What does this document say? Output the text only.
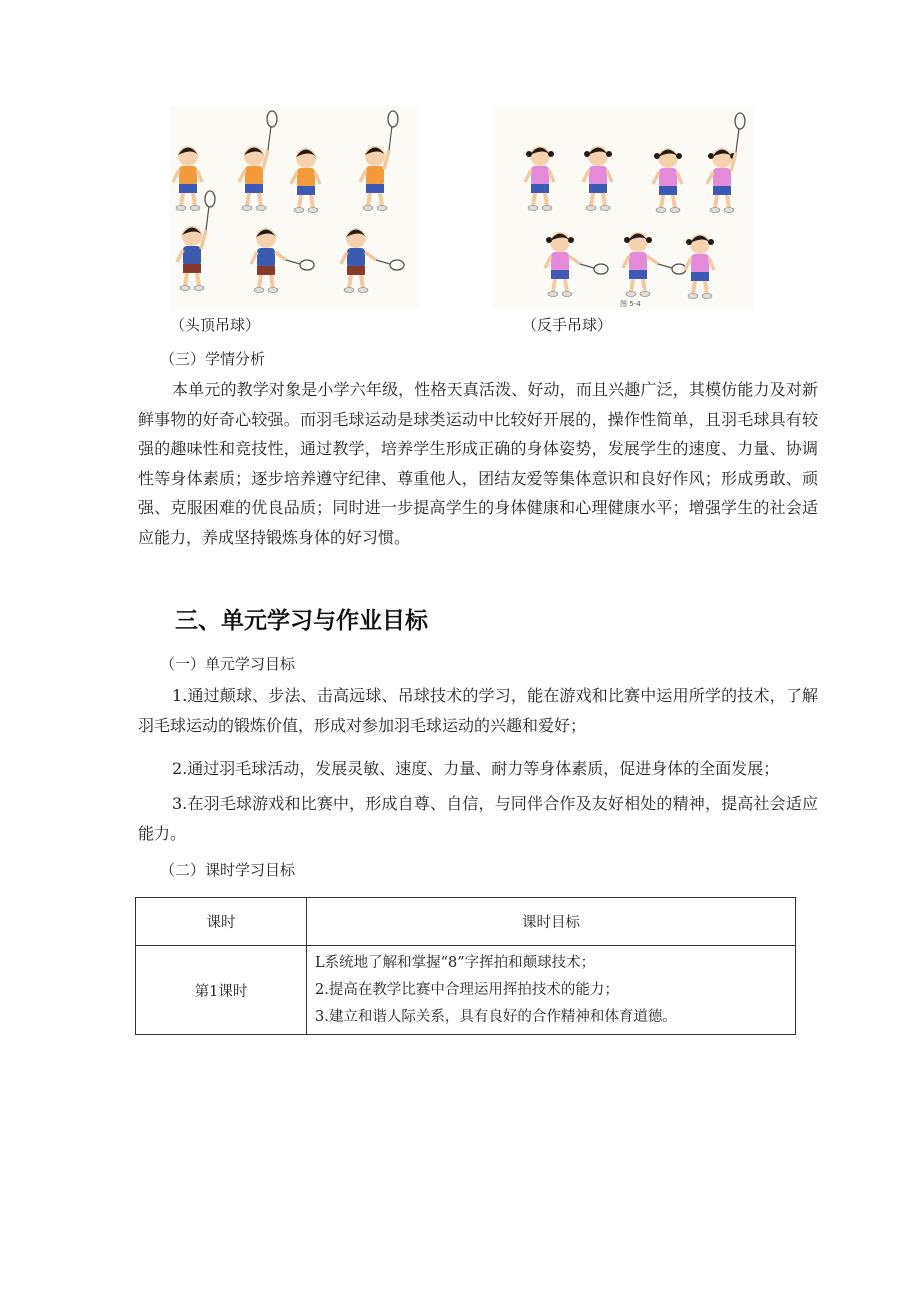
图 5-4
（头顶吊球）	（反手吊球）
（三）学情分析
本单元的教学对象是小学六年级，性格天真活泼、好动，而且兴趣广泛，其模仿能力及对新鲜事物的好奇心较强。而羽毛球运动是球类运动中比较好开展的，操作性简单，且羽毛球具有较强的趣味性和竞技性，通过教学，培养学生形成正确的身体姿势，发展学生的速度、力量、协调性等身体素质；逐步培养遵守纪律、尊重他人，团结友爱等集体意识和良好作风；形成勇敢、顽强、克服困难的优良品质；同时进一步提高学生的身体健康和心理健康水平；增强学生的社会适应能力，养成坚持锻炼身体的好习惯。
三、单元学习与作业目标
（一）单元学习目标
1.通过颠球、步法、击高远球、吊球技术的学习，能在游戏和比赛中运用所学的技术，了解羽毛球运动的锻炼价值，形成对参加羽毛球运动的兴趣和爱好；
2.通过羽毛球活动，发展灵敏、速度、力量、耐力等身体素质，促进身体的全面发展；
3.在羽毛球游戏和比赛中，形成自尊、自信，与同伴合作及友好相处的精神，提高社会适应能力。
（二）课时学习目标
课时	课时目标
第1课时	L系统地了解和掌握“8”字挥拍和颠球技术；
2.提高在教学比赛中合理运用挥拍技术的能力；
3.建立和谐人际关系，具有良好的合作精神和体育道德。
